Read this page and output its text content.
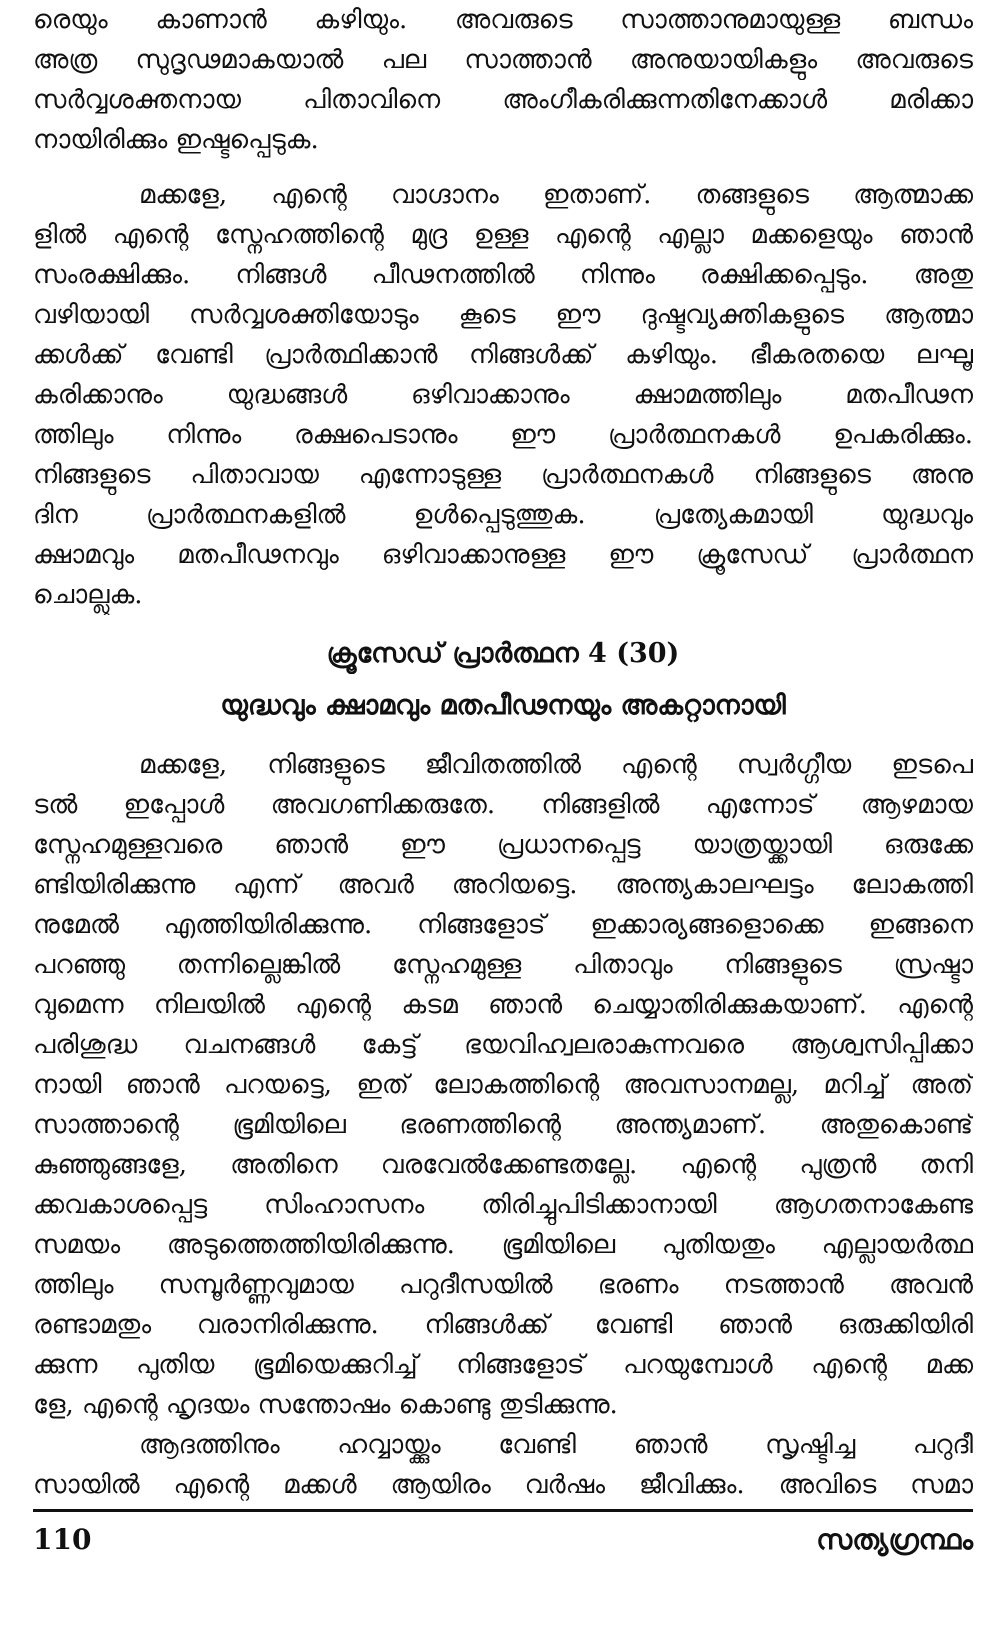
രെയും കാണാൻ കഴിയും. അവരുടെ സാത്താനുമായുള്ള ബന്ധം
അത്ര സുദൃഢമാകയാൽ പല സാത്താൻ അനുയായികളും അവരുടെ
സർവ്വശക്തനായ പിതാവിനെ അംഗീകരിക്കുന്നതിനേക്കാൾ മരിക്കാ
നായിരിക്കും ഇഷ്ടപ്പെടുക.
മക്കളേ, എന്റെ വാഗ്ദാനം ഇതാണ്. തങ്ങളുടെ ആത്മാക്ക
ളിൽ എന്റെ സ്നേഹത്തിന്റെ മുദ്ര ഉള്ള എന്റെ എല്ലാ മക്കളെയും ഞാൻ
സംരക്ഷിക്കും. നിങ്ങൾ പീഢനത്തിൽ നിന്നും രക്ഷിക്കപ്പെടും. അതു
വഴിയായി സർവ്വശക്തിയോടും കൂടെ ഈ ദുഷ്ടവ്യക്തികളുടെ ആത്മാ
ക്കൾക്ക് വേണ്ടി പ്രാർത്ഥിക്കാൻ നിങ്ങൾക്ക് കഴിയും. ഭീകരതയെ ലഘൂ
കരിക്കാനും യുദ്ധങ്ങൾ ഒഴിവാക്കാനും ക്ഷാമത്തിലും മതപീഢന
ത്തിലും നിന്നും രക്ഷപെടാനും ഈ പ്രാർത്ഥനകൾ ഉപകരിക്കും.
നിങ്ങളുടെ പിതാവായ എന്നോടുള്ള പ്രാർത്ഥനകൾ നിങ്ങളുടെ അനു
ദിന പ്രാർത്ഥനകളിൽ ഉൾപ്പെടുത്തുക. പ്രത്യേകമായി യുദ്ധവും
ക്ഷാമവും മതപീഢനവും ഒഴിവാക്കാനുള്ള ഈ ക്രൂസേഡ് പ്രാർത്ഥന
ചൊല്ലുക.
ക്രൂസേഡ് പ്രാർത്ഥന 4 (30)
യുദ്ധവും ക്ഷാമവും മതപീഢനയും അകറ്റാനായി
മക്കളേ, നിങ്ങളുടെ ജീവിതത്തിൽ എന്റെ സ്വർഗ്ഗീയ ഇടപെ
ടൽ ഇപ്പോൾ അവഗണിക്കരുതേ. നിങ്ങളിൽ എന്നോട് ആഴമായ
സ്നേഹമുള്ളവരെ ഞാൻ ഈ പ്രധാനപ്പെട്ട യാത്രയ്ക്കായി ഒരുക്കേ
ണ്ടിയിരിക്കുന്നു എന്ന് അവർ അറിയട്ടെ. അന്ത്യകാലഘട്ടം ലോകത്തി
നുമേൽ എത്തിയിരിക്കുന്നു. നിങ്ങളോട് ഇക്കാര്യങ്ങളൊക്കെ ഇങ്ങനെ
പറഞ്ഞു തന്നില്ലെങ്കിൽ സ്നേഹമുള്ള പിതാവും നിങ്ങളുടെ സ്രഷ്ടാ
വുമെന്ന നിലയിൽ എന്റെ കടമ ഞാൻ ചെയ്യാതിരിക്കുകയാണ്. എന്റെ
പരിശുദ്ധ വചനങ്ങൾ കേട്ട് ഭയവിഹ്വലരാകുന്നവരെ ആശ്വസിപ്പിക്കാ
നായി ഞാൻ പറയട്ടെ, ഇത് ലോകത്തിന്റെ അവസാനമല്ല, മറിച്ച് അത്
സാത്താന്റെ ഭൂമിയിലെ ഭരണത്തിന്റെ അന്ത്യമാണ്. അതുകൊണ്ട്
കുഞ്ഞുങ്ങളേ, അതിനെ വരവേൽക്കേണ്ടതല്ലേ. എന്റെ പുത്രൻ തനി
ക്കവകാശപ്പെട്ട സിംഹാസനം തിരിച്ചുപിടിക്കാനായി ആഗതനാകേണ്ട
സമയം അടുത്തെത്തിയിരിക്കുന്നു. ഭൂമിയിലെ പുതിയതും എല്ലായർത്ഥ
ത്തിലും സമ്പൂർണ്ണവുമായ പറുദീസയിൽ ഭരണം നടത്താൻ അവൻ
രണ്ടാമതും വരാനിരിക്കുന്നു. നിങ്ങൾക്ക് വേണ്ടി ഞാൻ ഒരുക്കിയിരി
ക്കുന്ന പുതിയ ഭൂമിയെക്കുറിച്ച് നിങ്ങളോട് പറയുമ്പോൾ എന്റെ മക്ക
ളേ, എന്റെ ഹൃദയം സന്തോഷം കൊണ്ടു തുടിക്കുന്നു.
ആദത്തിനും ഹവ്വായ്ക്കും വേണ്ടി ഞാൻ സൃഷ്ടിച്ച പറുദീ
സായിൽ എന്റെ മക്കൾ ആയിരം വർഷം ജീവിക്കും. അവിടെ സമാ
110	സത്യഗ്രന്ഥം
